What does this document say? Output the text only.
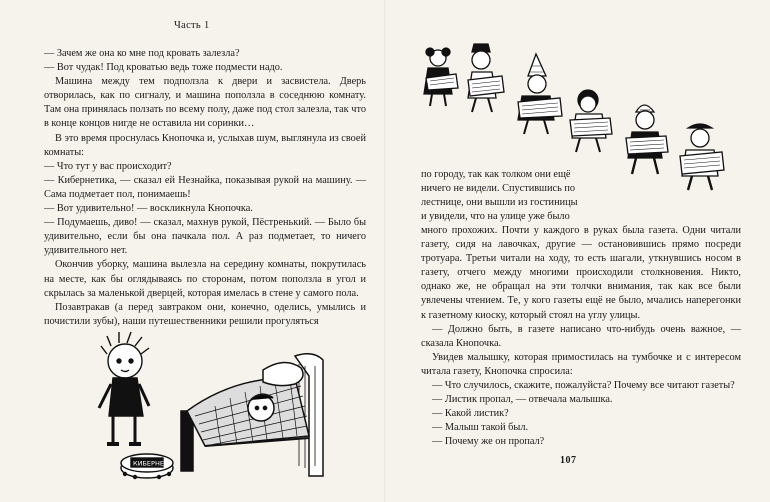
Часть 1

— Зачем же она ко мне под кровать залезла?

— Вот чудак! Под кроватью ведь тоже подмести надо.

Машина между тем подползла к двери и засвистела. Дверь отворилась, как по сигналу, и машина поползла в соседнюю комнату. Там она принялась ползать по всему полу, даже под стол залезла, так что в конце концов нигде не оставила ни соринки…

В это время проснулась Кнопочка и, услыхав шум, выглянула из своей комнаты:

— Что тут у вас происходит?

— Кибернетика, — сказал ей Незнайка, показывая рукой на машину. — Сама подметает пол, понимаешь!

— Вот удивительно! — воскликнула Кнопочка.

— Подумаешь, диво! — сказал, махнув рукой, Пёстренький. — Было бы удивительно, если бы она пачкала пол. А раз подметает, то ничего удивительного нет.

Окончив уборку, машина вылезла на середину комнаты, покрутилась на месте, как бы оглядываясь по сторонам, потом поползла в угол и скрылась за маленькой дверцей, которая имелась в стене у самого пола.

Позавтракав (а перед завтраком они, конечно, оделись, умылись и почистили зубы), наши путешественники решили прогуляться

КИБЕРНЕТ

по городу, так как толком они ещё

ничего не видели. Спустившись по

лестнице, они вышли из гостиницы

и увидели, что на улице уже было

много прохожих. Почти у каждого в руках была газета. Одни читали газету, сидя на лавочках, другие — остановившись прямо посреди тротуара. Третьи читали на ходу, то есть шагали, уткнувшись носом в газету, отчего между многими происходили столкновения. Никто, однако же, не обращал на эти толчки внимания, так как все были увлечены чтением. Те, у кого газеты ещё не было, мчались наперегонки к газетному киоску, который стоял на углу улицы.

— Должно быть, в газете написано что-нибудь очень важное, — сказала Кнопочка.

Увидев малышку, которая примостилась на тумбочке и с интересом читала газету, Кнопочка спросила:

— Что случилось, скажите, пожалуйста? Почему все читают газеты?

— Листик пропал, — отвечала малышка.

— Какой листик?

— Малыш такой был.

— Почему же он пропал?

107
